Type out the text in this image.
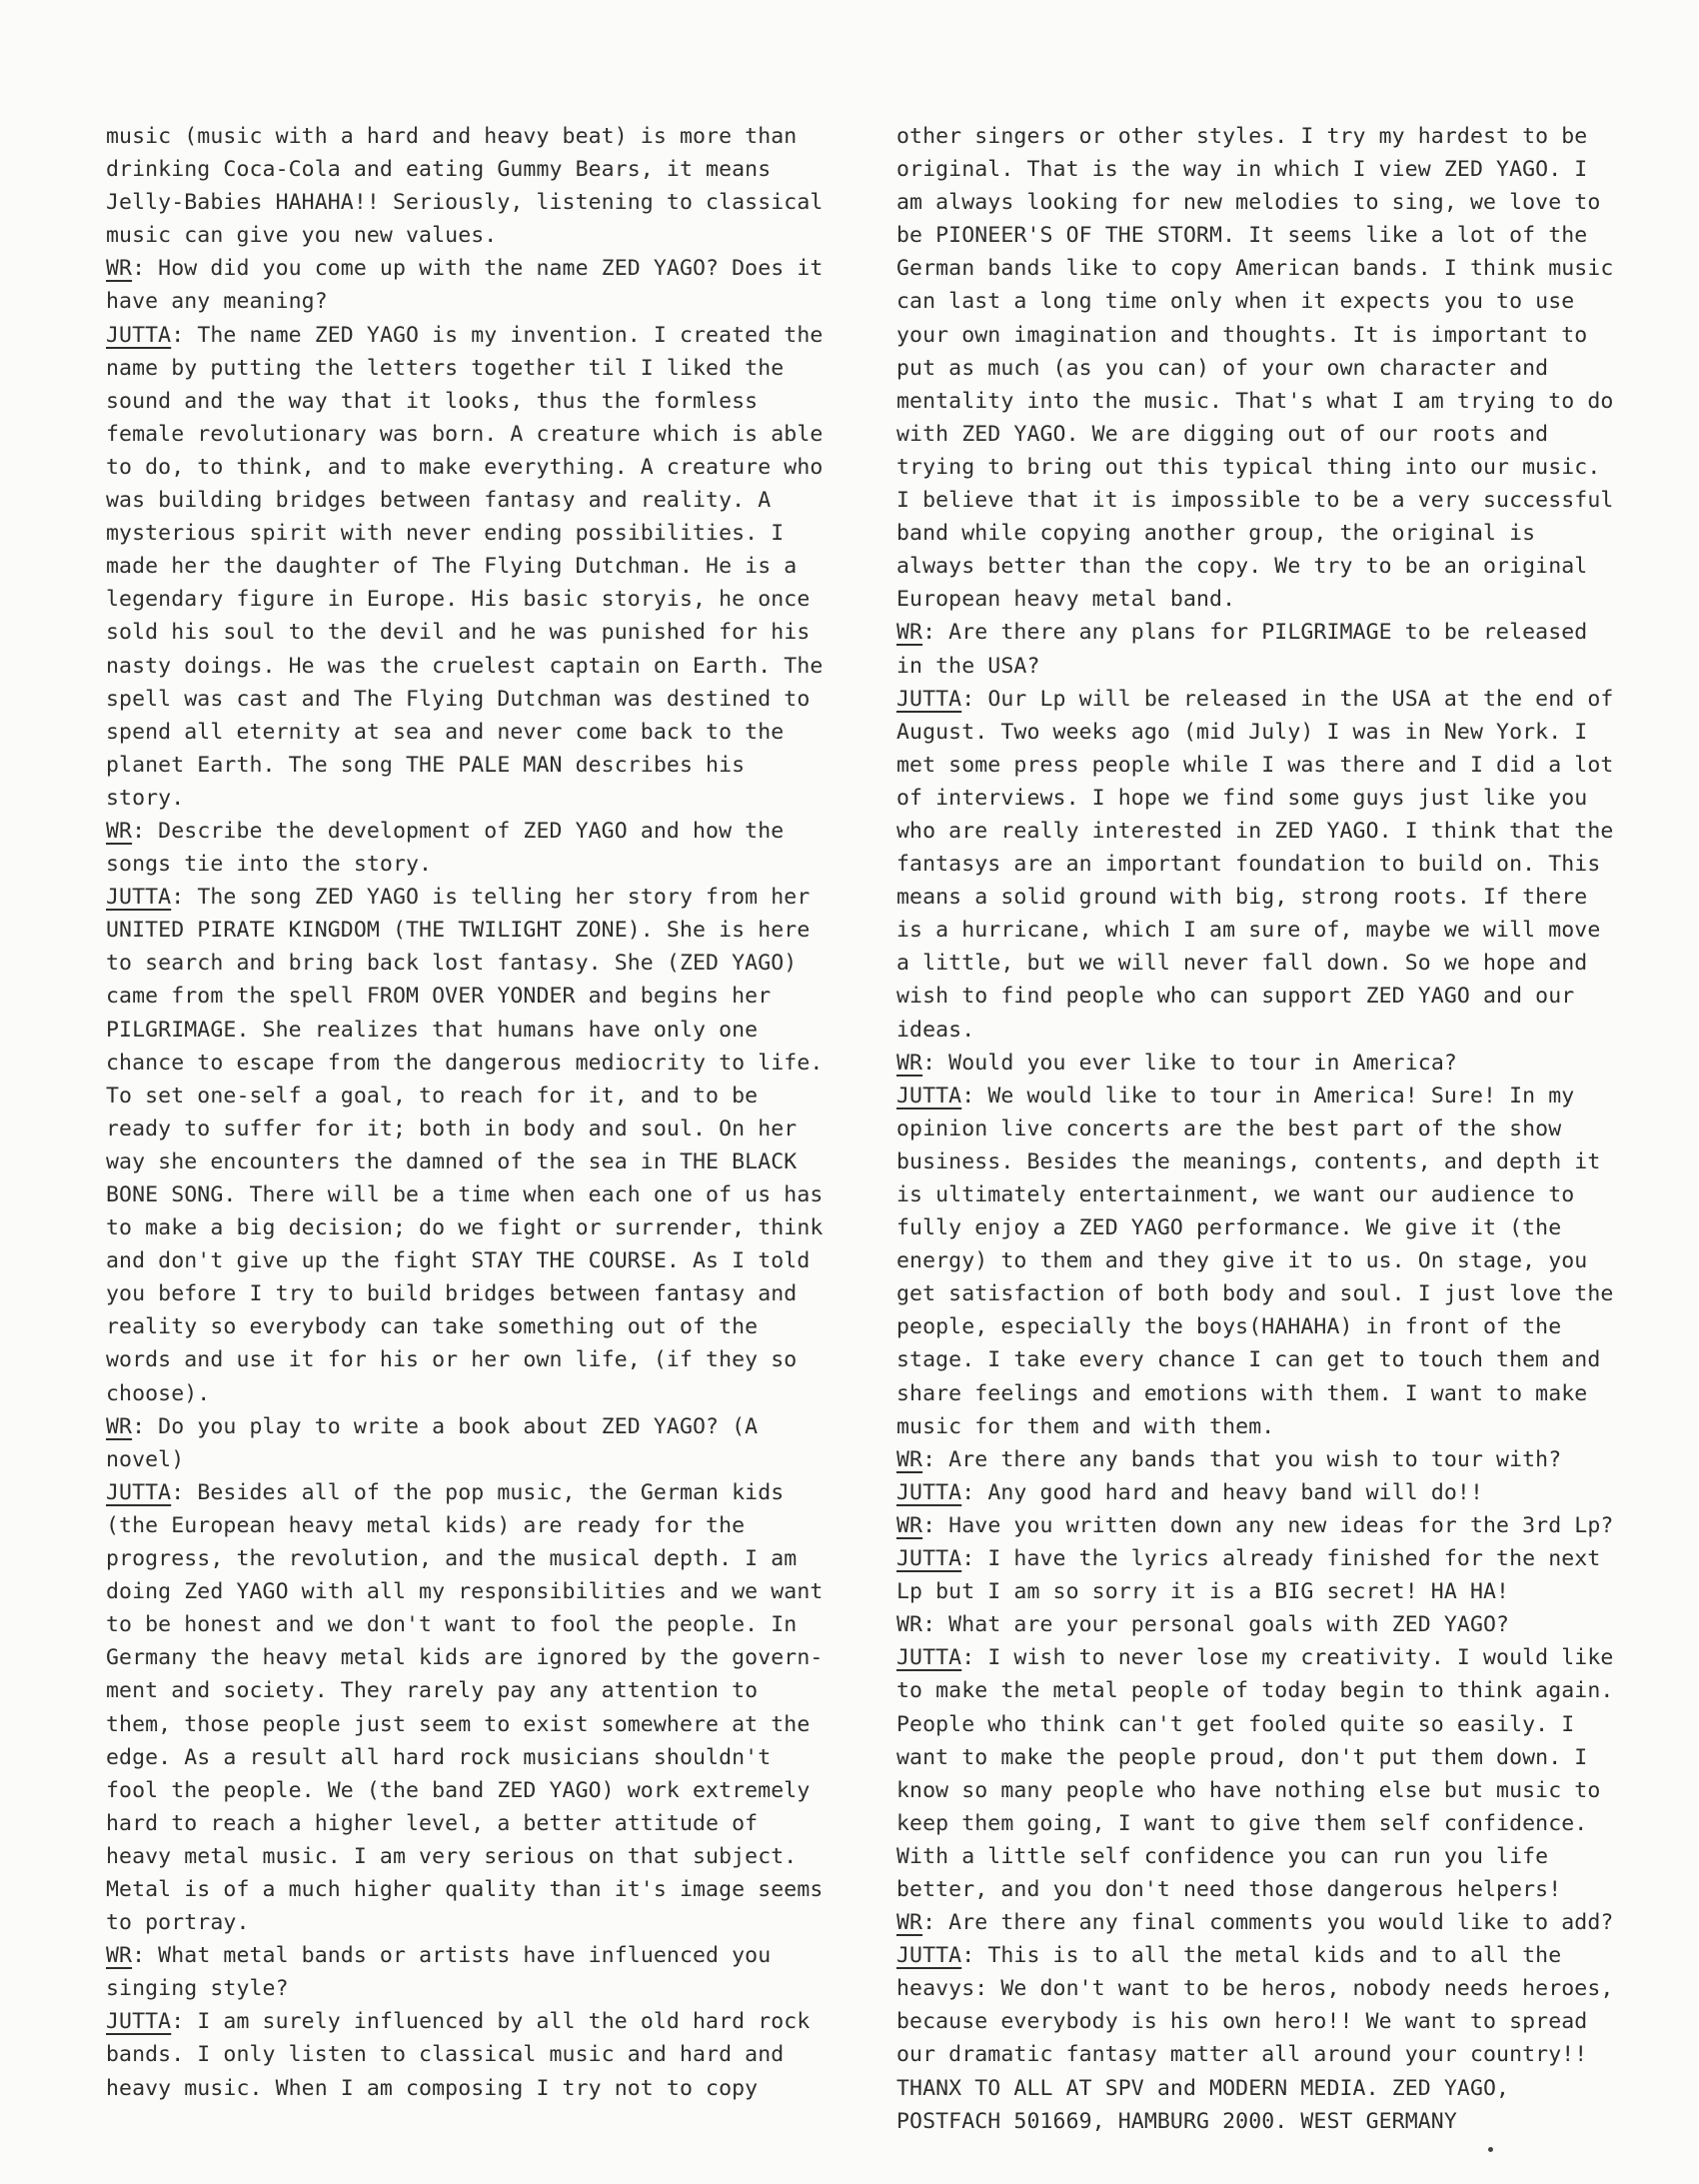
music (music with a hard and heavy beat) is more than
drinking Coca-Cola and eating Gummy Bears, it means
Jelly-Babies HAHAHA!! Seriously, listening to classical
music can give you new values.
WR: How did you come up with the name ZED YAGO? Does it
have any meaning?
JUTTA: The name ZED YAGO is my invention. I created the
name by putting the letters together til I liked the
sound and the way that it looks, thus the formless
female revolutionary was born. A creature which is able
to do, to think, and to make everything. A creature who
was building bridges between fantasy and reality. A
mysterious spirit with never ending possibilities. I
made her the daughter of The Flying Dutchman. He is a
legendary figure in Europe. His basic storyis, he once
sold his soul to the devil and he was punished for his
nasty doings. He was the cruelest captain on Earth. The
spell was cast and The Flying Dutchman was destined to
spend all eternity at sea and never come back to the
planet Earth. The song THE PALE MAN describes his
story.
WR: Describe the development of ZED YAGO and how the
songs tie into the story.
JUTTA: The song ZED YAGO is telling her story from her
UNITED PIRATE KINGDOM (THE TWILIGHT ZONE). She is here
to search and bring back lost fantasy. She (ZED YAGO)
came from the spell FROM OVER YONDER and begins her
PILGRIMAGE. She realizes that humans have only one
chance to escape from the dangerous mediocrity to life.
To set one-self a goal, to reach for it, and to be
ready to suffer for it; both in body and soul. On her
way she encounters the damned of the sea in THE BLACK
BONE SONG. There will be a time when each one of us has
to make a big decision; do we fight or surrender, think
and don't give up the fight STAY THE COURSE. As I told
you before I try to build bridges between fantasy and
reality so everybody can take something out of the
words and use it for his or her own life, (if they so
choose).
WR: Do you play to write a book about ZED YAGO? (A
novel)
JUTTA: Besides all of the pop music, the German kids
(the European heavy metal kids) are ready for the
progress, the revolution, and the musical depth. I am
doing Zed YAGO with all my responsibilities and we want
to be honest and we don't want to fool the people. In
Germany the heavy metal kids are ignored by the govern-
ment and society. They rarely pay any attention to
them, those people just seem to exist somewhere at the
edge. As a result all hard rock musicians shouldn't
fool the people. We (the band ZED YAGO) work extremely
hard to reach a higher level, a better attitude of
heavy metal music. I am very serious on that subject.
Metal is of a much higher quality than it's image seems
to portray.
WR: What metal bands or artists have influenced you
singing style?
JUTTA: I am surely influenced by all the old hard rock
bands. I only listen to classical music and hard and
heavy music. When I am composing I try not to copy
other singers or other styles. I try my hardest to be
original. That is the way in which I view ZED YAGO. I
am always looking for new melodies to sing, we love to
be PIONEER'S OF THE STORM. It seems like a lot of the
German bands like to copy American bands. I think music
can last a long time only when it expects you to use
your own imagination and thoughts. It is important to
put as much (as you can) of your own character and
mentality into the music. That's what I am trying to do
with ZED YAGO. We are digging out of our roots and
trying to bring out this typical thing into our music.
I believe that it is impossible to be a very successful
band while copying another group, the original is
always better than the copy. We try to be an original
European heavy metal band.
WR: Are there any plans for PILGRIMAGE to be released
in the USA?
JUTTA: Our Lp will be released in the USA at the end of
August. Two weeks ago (mid July) I was in New York. I
met some press people while I was there and I did a lot
of interviews. I hope we find some guys just like you
who are really interested in ZED YAGO. I think that the
fantasys are an important foundation to build on. This
means a solid ground with big, strong roots. If there
is a hurricane, which I am sure of, maybe we will move
a little, but we will never fall down. So we hope and
wish to find people who can support ZED YAGO and our
ideas.
WR: Would you ever like to tour in America?
JUTTA: We would like to tour in America! Sure! In my
opinion live concerts are the best part of the show
business. Besides the meanings, contents, and depth it
is ultimately entertainment, we want our audience to
fully enjoy a ZED YAGO performance. We give it (the
energy) to them and they give it to us. On stage, you
get satisfaction of both body and soul. I just love the
people, especially the boys(HAHAHA) in front of the
stage. I take every chance I can get to touch them and
share feelings and emotions with them. I want to make
music for them and with them.
WR: Are there any bands that you wish to tour with?
JUTTA: Any good hard and heavy band will do!!
WR: Have you written down any new ideas for the 3rd Lp?
JUTTA: I have the lyrics already finished for the next
Lp but I am so sorry it is a BIG secret! HA HA!
WR: What are your personal goals with ZED YAGO?
JUTTA: I wish to never lose my creativity. I would like
to make the metal people of today begin to think again.
People who think can't get fooled quite so easily. I
want to make the people proud, don't put them down. I
know so many people who have nothing else but music to
keep them going, I want to give them self confidence.
With a little self confidence you can run you life
better, and you don't need those dangerous helpers!
WR: Are there any final comments you would like to add?
JUTTA: This is to all the metal kids and to all the
heavys: We don't want to be heros, nobody needs heroes,
because everybody is his own hero!! We want to spread
our dramatic fantasy matter all around your country!!
THANX TO ALL AT SPV and MODERN MEDIA. ZED YAGO,
POSTFACH 501669, HAMBURG 2000. WEST GERMANY
